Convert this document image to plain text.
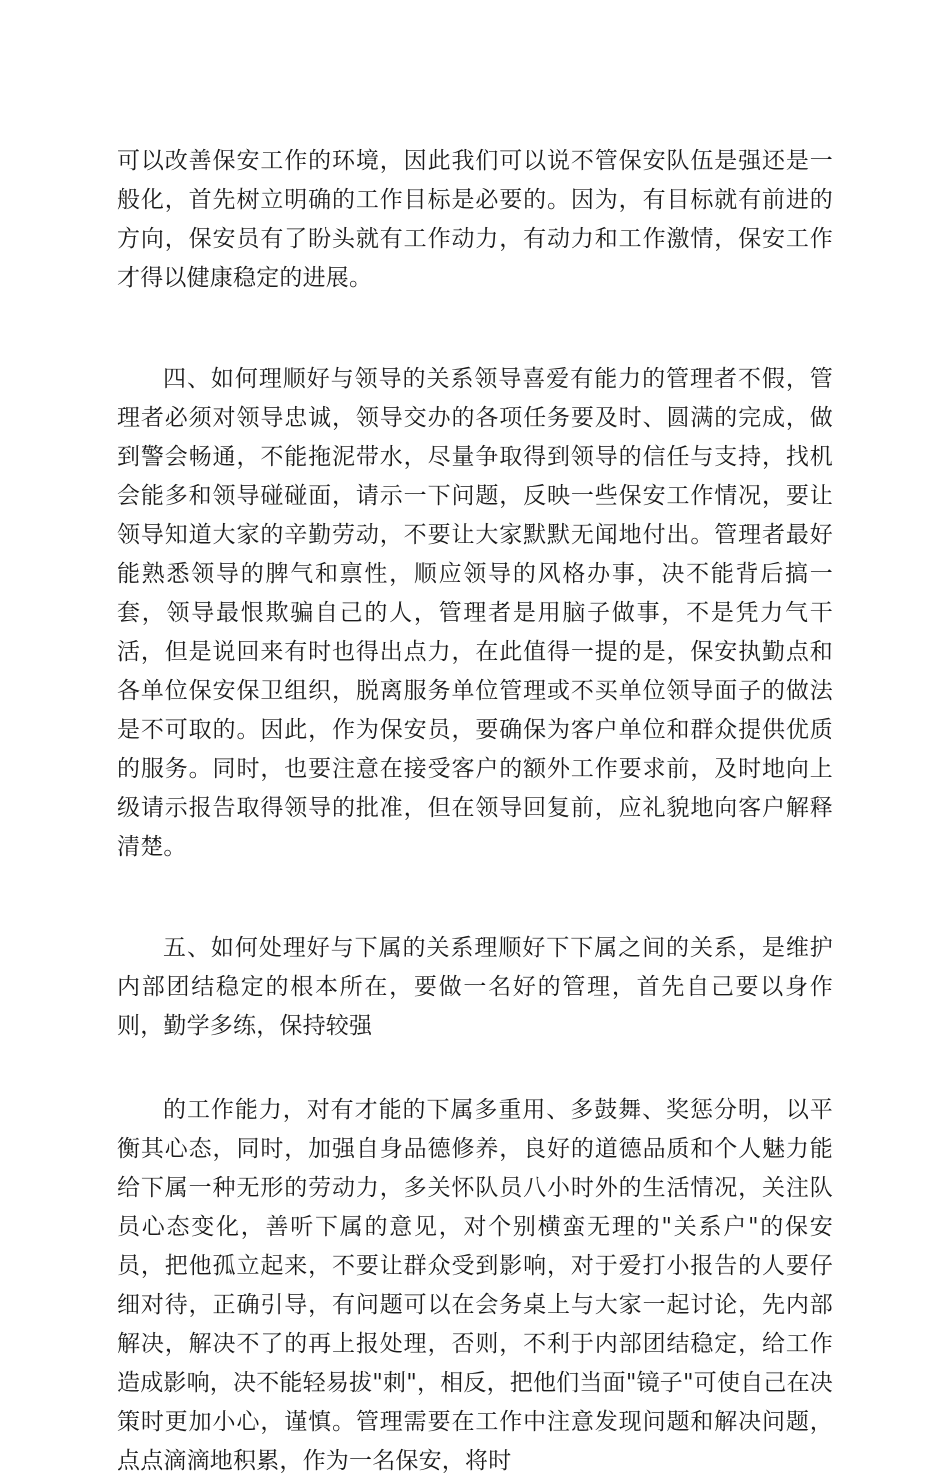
可以改善保安工作的环境，因此我们可以说不管保安队伍是强还是一般化，首先树立明确的工作目标是必要的。因为，有目标就有前进的方向，保安员有了盼头就有工作动力，有动力和工作激情，保安工作才得以健康稳定的进展。

四、如何理顺好与领导的关系领导喜爱有能力的管理者不假，管理者必须对领导忠诚，领导交办的各项任务要及时、圆满的完成，做到警会畅通，不能拖泥带水，尽量争取得到领导的信任与支持，找机会能多和领导碰碰面，请示一下问题，反映一些保安工作情况，要让领导知道大家的辛勤劳动，不要让大家默默无闻地付出。管理者最好能熟悉领导的脾气和禀性，顺应领导的风格办事，决不能背后搞一套，领导最恨欺骗自己的人，管理者是用脑子做事，不是凭力气干活，但是说回来有时也得出点力，在此值得一提的是，保安执勤点和各单位保安保卫组织，脱离服务单位管理或不买单位领导面子的做法是不可取的。因此，作为保安员，要确保为客户单位和群众提供优质的服务。同时，也要注意在接受客户的额外工作要求前，及时地向上级请示报告取得领导的批准，但在领导回复前，应礼貌地向客户解释清楚。

五、如何处理好与下属的关系理顺好下下属之间的关系，是维护内部团结稳定的根本所在，要做一名好的管理，首先自己要以身作则，勤学多练，保持较强

的工作能力，对有才能的下属多重用、多鼓舞、奖惩分明，以平衡其心态，同时，加强自身品德修养，良好的道德品质和个人魅力能给下属一种无形的劳动力，多关怀队员八小时外的生活情况，关注队员心态变化，善听下属的意见，对个别横蛮无理的"关系户"的保安员，把他孤立起来，不要让群众受到影响，对于爱打小报告的人要仔细对待，正确引导，有问题可以在会务桌上与大家一起讨论，先内部解决，解决不了的再上报处理，否则，不利于内部团结稳定，给工作造成影响，决不能轻易拔"刺"，相反，把他们当面"镜子"可使自己在决策时更加小心，谨慎。管理需要在工作中注意发现问题和解决问题，点点滴滴地积累，作为一名保安，将时
